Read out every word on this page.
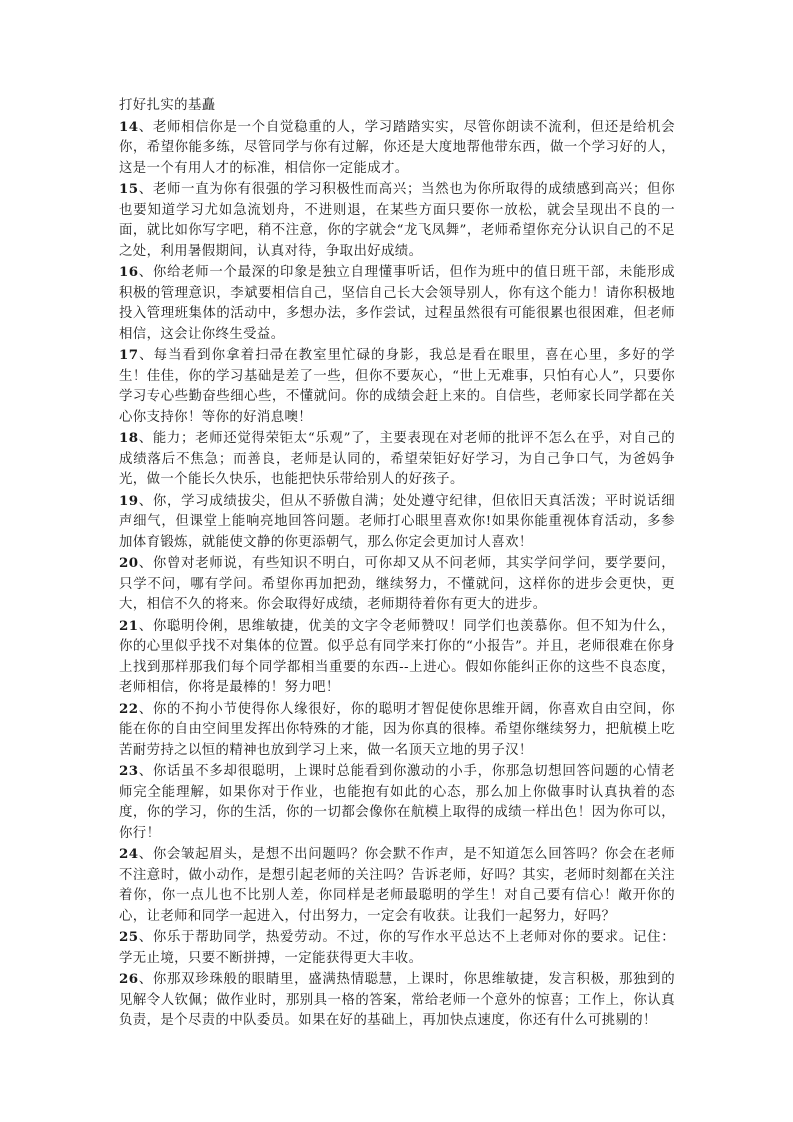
打好扎实的基矗

14、老师相信你是一个自觉稳重的人，学习踏踏实实，尽管你朗读不流利，但还是给机会你，希望你能多练，尽管同学与你有过解，你还是大度地帮他带东西，做一个学习好的人，这是一个有用人才的标准，相信你一定能成才。

15、老师一直为你有很强的学习积极性而高兴；当然也为你所取得的成绩感到高兴；但你也要知道学习尤如急流划舟，不进则退，在某些方面只要你一放松，就会呈现出不良的一面，就比如你写字吧，稍不注意，你的字就会“龙飞凤舞”，老师希望你充分认识自己的不足之处，利用暑假期间，认真对待，争取出好成绩。

16、你给老师一个最深的印象是独立自理懂事听话，但作为班中的值日班干部，未能形成积极的管理意识，李斌要相信自己，坚信自己长大会领导别人，你有这个能力！请你积极地投入管理班集体的活动中，多想办法，多作尝试，过程虽然很有可能很累也很困难，但老师相信，这会让你终生受益。

17、每当看到你拿着扫帚在教室里忙碌的身影，我总是看在眼里，喜在心里，多好的学生！佳佳，你的学习基础是差了一些，但你不要灰心，“世上无难事，只怕有心人”，只要你学习专心些勤奋些细心些，不懂就问。你的成绩会赶上来的。自信些，老师家长同学都在关心你支持你！等你的好消息噢！

18、能力；老师还觉得荣钜太“乐观”了，主要表现在对老师的批评不怎么在乎，对自己的成绩落后不焦急；而善良，老师是认同的，希望荣钜好好学习，为自己争口气，为爸妈争光，做一个能长久快乐，也能把快乐带给别人的好孩子。

19、你，学习成绩拔尖，但从不骄傲自满；处处遵守纪律，但依旧天真活泼；平时说话细声细气，但课堂上能响亮地回答问题。老师打心眼里喜欢你!如果你能重视体育活动，多参加体育锻炼，就能使文静的你更添朝气，那么你定会更加讨人喜欢！

20、你曾对老师说，有些知识不明白，可你却又从不问老师，其实学问学问，要学要问，只学不问，哪有学问。希望你再加把劲，继续努力，不懂就问，这样你的进步会更快，更大，相信不久的将来。你会取得好成绩，老师期待着你有更大的进步。

21、你聪明伶俐，思维敏捷，优美的文字令老师赞叹！同学们也羡慕你。但不知为什么，你的心里似乎找不对集体的位置。似乎总有同学来打你的“小报告”。并且，老师很难在你身上找到那样那我们每个同学都相当重要的东西--上进心。假如你能纠正你的这些不良态度，老师相信，你将是最棒的！努力吧！

22、你的不拘小节使得你人缘很好，你的聪明才智促使你思维开阔，你喜欢自由空间，你能在你的自由空间里发挥出你特殊的才能，因为你真的很棒。希望你继续努力，把航模上吃苦耐劳持之以恒的精神也放到学习上来，做一名顶天立地的男子汉！

23、你话虽不多却很聪明，上课时总能看到你激动的小手，你那急切想回答问题的心情老师完全能理解，如果你对于作业，也能抱有如此的心态，那么加上你做事时认真执着的态度，你的学习，你的生活，你的一切都会像你在航模上取得的成绩一样出色！因为你可以，你行！

24、你会皱起眉头，是想不出问题吗？你会默不作声，是不知道怎么回答吗？你会在老师不注意时，做小动作，是想引起老师的关注吗？告诉老师，好吗？其实，老师时刻都在关注着你，你一点儿也不比别人差，你同样是老师最聪明的学生！对自己要有信心！敞开你的心，让老师和同学一起进入，付出努力，一定会有收获。让我们一起努力，好吗？

25、你乐于帮助同学，热爱劳动。不过，你的写作水平总达不上老师对你的要求。记住：学无止境，只要不断拼搏，一定能获得更大丰收。

26、你那双珍珠般的眼睛里，盛满热情聪慧，上课时，你思维敏捷，发言积极，那独到的见解令人钦佩；做作业时，那别具一格的答案，常给老师一个意外的惊喜；工作上，你认真负责，是个尽责的中队委员。如果在好的基础上，再加快点速度，你还有什么可挑剔的！
